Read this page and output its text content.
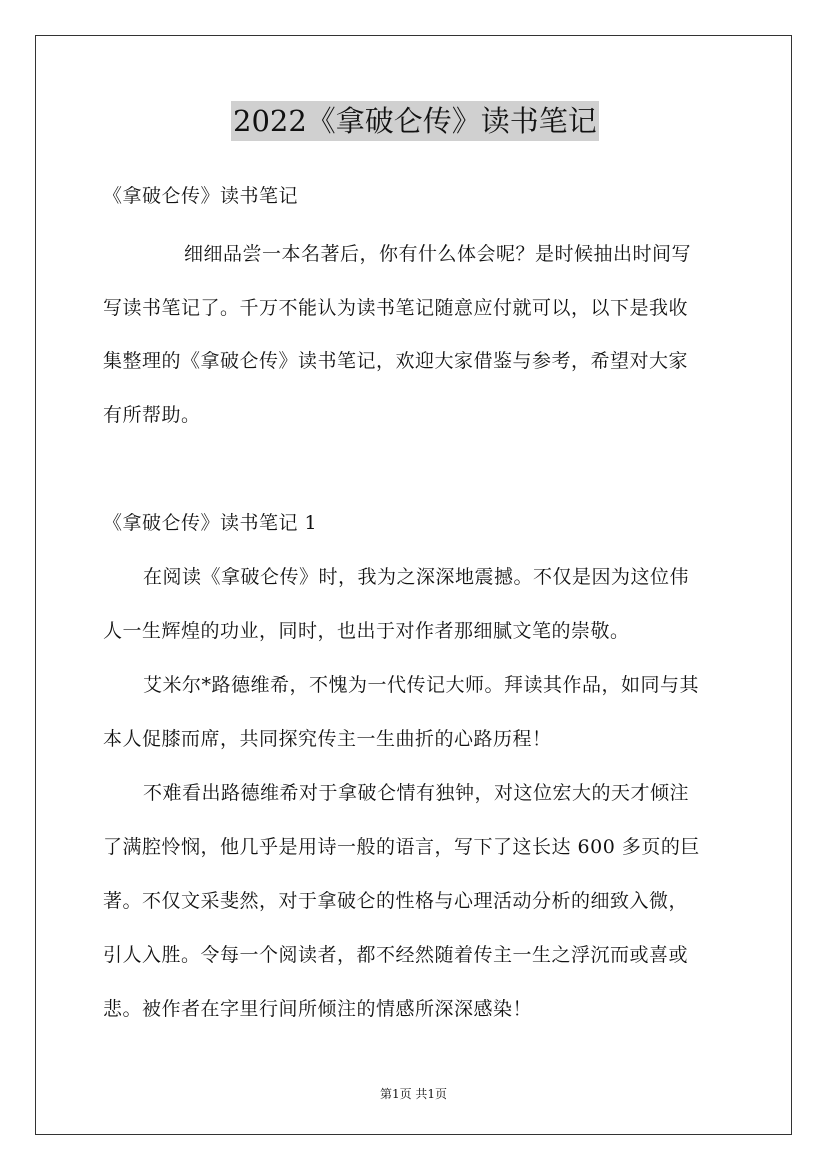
2022《拿破仑传》读书笔记
《拿破仑传》读书笔记
细细品尝一本名著后，你有什么体会呢？是时候抽出时间写
写读书笔记了。千万不能认为读书笔记随意应付就可以，以下是我收
集整理的《拿破仑传》读书笔记，欢迎大家借鉴与参考，希望对大家
有所帮助。
《拿破仑传》读书笔记 1
在阅读《拿破仑传》时，我为之深深地震撼。不仅是因为这位伟
人一生辉煌的功业，同时，也出于对作者那细腻文笔的崇敬。
艾米尔*路德维希，不愧为一代传记大师。拜读其作品，如同与其
本人促膝而席，共同探究传主一生曲折的心路历程！
不难看出路德维希对于拿破仑情有独钟，对这位宏大的天才倾注
了满腔怜悯，他几乎是用诗一般的语言，写下了这长达 600 多页的巨
著。不仅文采斐然，对于拿破仑的性格与心理活动分析的细致入微，
引人入胜。令每一个阅读者，都不经然随着传主一生之浮沉而或喜或
悲。被作者在字里行间所倾注的情感所深深感染！
第1页 共1页
